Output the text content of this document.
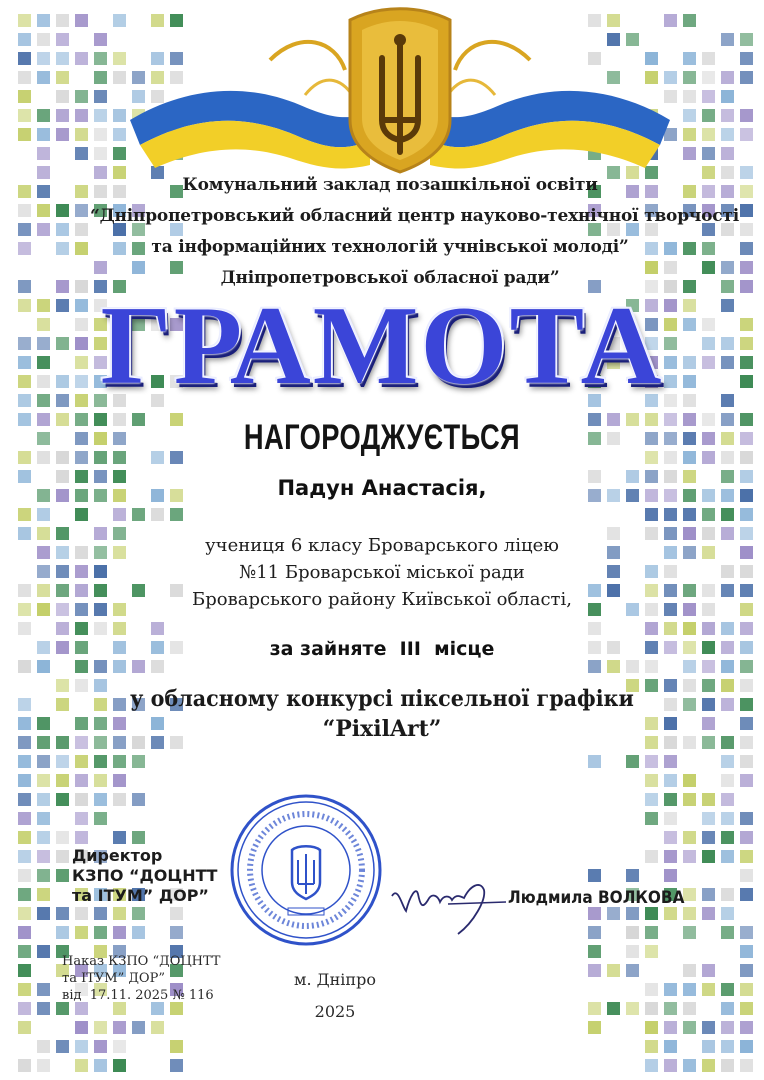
Комунальний заклад позашкільної освіти
“Дніпропетровський обласний центр науково-технічної творчості
та інформаційних технологій учнівської молоді”
Дніпропетровської обласної ради”
ГРАМОТА
НАГОРОДЖУЄТЬСЯ
Падун Анастасія,
учениця 6 класу Броварського ліцею
№11 Броварської міської ради
Броварського району Київської області,
за зайняте  III  місце
у обласному конкурсі піксельної графіки
“PixilArt”
Директор
КЗПО “ДОЦНТТ
та ІТУМ” ДОР”	Людмила ВОЛКОВА
Наказ КЗПО “ДОЦНТТ
та ІТУМ” ДОР”
від  17.11. 2025 № 116
м. Дніпро
2025
